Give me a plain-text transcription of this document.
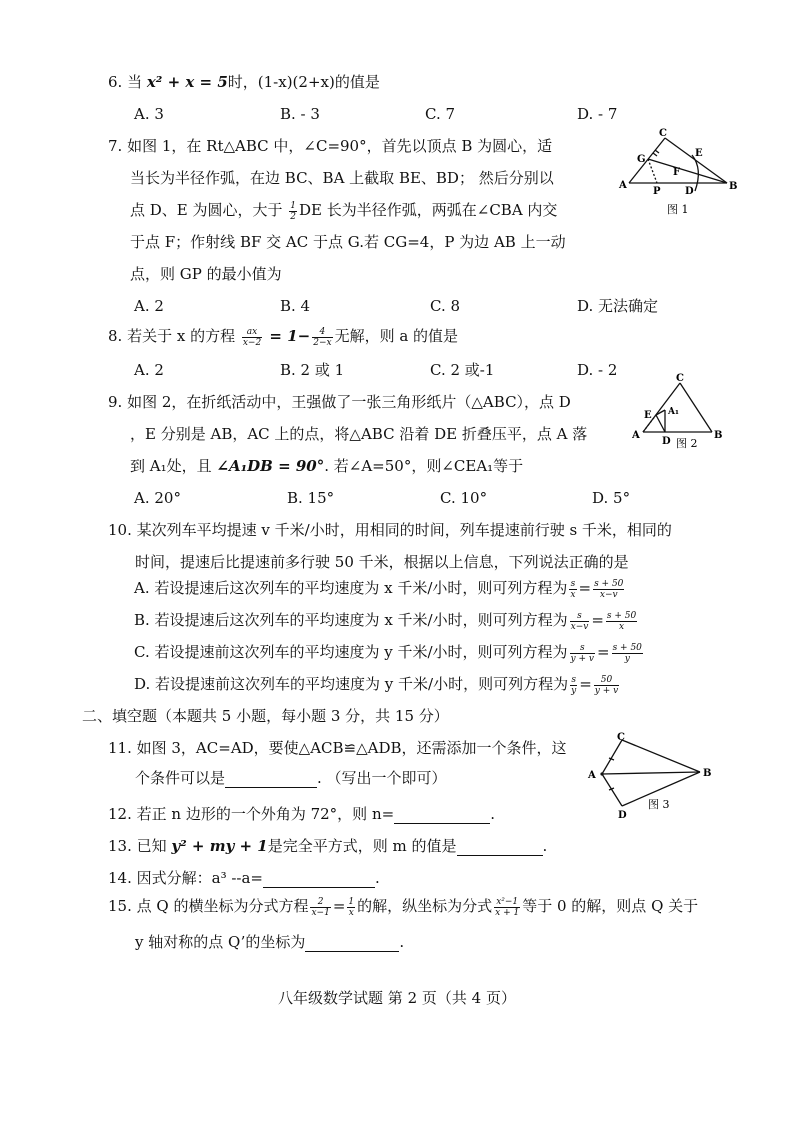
6. 当 x² + x = 5时，(1-x)(2+x)的值是
A. 3	B. - 3	C. 7	D. - 7
7. 如图 1，在 Rt△ABC 中，∠C=90°，首先以顶点 B 为圆心，适
当长为半径作弧，在边 BC、BA 上截取 BE、BD； 然后分别以
点 D、E 为圆心，大于 $\frac{1}{2}$ DE 长为半径作弧，两弧在∠CBA 内交
于点 F；作射线 BF 交 AC 于点 G.若 CG=4，P 为边 AB 上一动
点，则 GP 的最小值为
A. 2	B. 4	C. 8	D. 无法确定
C
G
E
F
A
P D	B
图 1
8. 若关于 x 的方程 $\frac{ax}{x-2} = 1- \frac{4}{2-x}$ 无解，则 a 的值是
A. 2	B. 2 或 1	C. 2 或-1	D. - 2
9. 如图 2，在折纸活动中，王强做了一张三角形纸片（△ABC），点 D
，E 分别是 AB，AC 上的点，将△ABC 沿着 DE 折叠压平，点 A 落
到 A₁处，且 ∠A₁DB = 90°. 若∠A=50°，则∠CEA₁等于
A. 20°	B. 15°	C. 10°	D. 5°
C
E A₁
A
D
B
图 2
10. 某次列车平均提速 v 千米/小时，用相同的时间，列车提速前行驶 s 千米，相同的
时间，提速后比提速前多行驶 50 千米，根据以上信息，下列说法正确的是
A. 若设提速后这次列车的平均速度为 x 千米/小时，则可列方程为 $\frac{s}{x} = \frac{s + 50}{x-v}$
B. 若设提速后这次列车的平均速度为 x 千米/小时，则可列方程为 $\frac{s}{x-v} = \frac{s + 50}{x}$
C. 若设提速前这次列车的平均速度为 y 千米/小时，则可列方程为 $\frac{s}{y + v} = \frac{s + 50}{y}$
D. 若设提速前这次列车的平均速度为 y 千米/小时，则可列方程为 $\frac{s}{y} = \frac{50}{y + v}$
二、填空题（本题共 5 小题，每小题 3 分，共 15 分）
11. 如图 3，AC=AD，要使△ACB≌△ADB，还需添加一个条件，这
个条件可以是	. （写出一个即可）
C
A	B
D
图 3
12. 若正 n 边形的一个外角为 72°，则 n=	.
13. 已知 y² + my + 1是完全平方式，则 m 的值是	.
14. 因式分解：a³ --a=	.
15. 点 Q 的横坐标为分式方程 $\frac{2}{x-1} = \frac{1}{x}$ 的解，纵坐标为分式 $\frac{\text{x²−1}}{x + 1}$ 等于 0 的解，则点 Q 关于
y 轴对称的点 Q’的坐标为	.
八年级数学试题 第 2 页（共 4 页）
